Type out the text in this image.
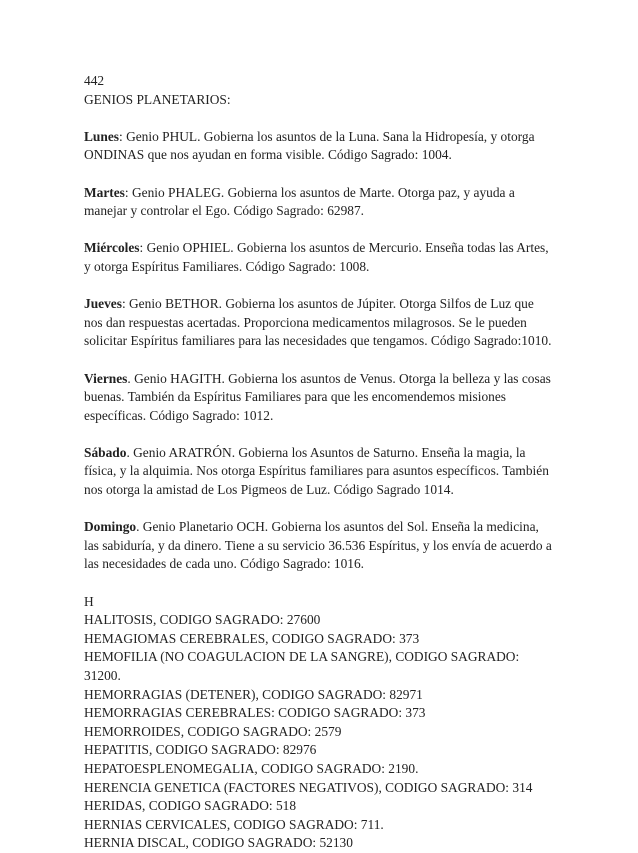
442

GENIOS PLANETARIOS:

Lunes: Genio PHUL. Gobierna los asuntos de la Luna. Sana la Hidropesía, y otorga ONDINAS que nos ayudan en forma visible. Código Sagrado: 1004.

Martes: Genio PHALEG. Gobierna los asuntos de Marte. Otorga paz, y ayuda a manejar y controlar el Ego. Código Sagrado: 62987.

Miércoles: Genio OPHIEL. Gobierna los asuntos de Mercurio. Enseña todas las Artes, y otorga Espíritus Familiares. Código Sagrado: 1008.

Jueves: Genio BETHOR. Gobierna los asuntos de Júpiter. Otorga Silfos de Luz que nos dan respuestas acertadas. Proporciona medicamentos milagrosos. Se le pueden solicitar Espíritus familiares para las necesidades que tengamos. Código Sagrado:1010.

Viernes. Genio HAGITH. Gobierna los asuntos de Venus. Otorga la belleza y las cosas buenas. También da Espíritus Familiares para que les encomendemos misiones específicas. Código Sagrado: 1012.

Sábado. Genio ARATRÓN. Gobierna los Asuntos de Saturno. Enseña la magia, la física, y la alquimia. Nos otorga Espíritus familiares para asuntos específicos. También nos otorga la amistad de Los Pigmeos de Luz. Código Sagrado 1014.

Domingo. Genio Planetario OCH. Gobierna los asuntos del Sol. Enseña la medicina, las sabiduría, y da dinero. Tiene a su servicio 36.536 Espíritus, y los envía de acuerdo a las necesidades de cada uno. Código Sagrado: 1016.

H

HALITOSIS, CODIGO SAGRADO: 27600

HEMAGIOMAS CEREBRALES, CODIGO SAGRADO: 373

HEMOFILIA (NO COAGULACION DE LA SANGRE), CODIGO SAGRADO:

31200.

HEMORRAGIAS (DETENER), CODIGO SAGRADO: 82971

HEMORRAGIAS CEREBRALES: CODIGO SAGRADO: 373

HEMORROIDES, CODIGO SAGRADO: 2579

HEPATITIS, CODIGO SAGRADO: 82976

HEPATOESPLENOMEGALIA, CODIGO SAGRADO: 2190.

HERENCIA GENETICA (FACTORES NEGATIVOS), CODIGO SAGRADO: 314

HERIDAS, CODIGO SAGRADO: 518

HERNIAS CERVICALES, CODIGO SAGRADO: 711.

HERNIA DISCAL, CODIGO SAGRADO: 52130
